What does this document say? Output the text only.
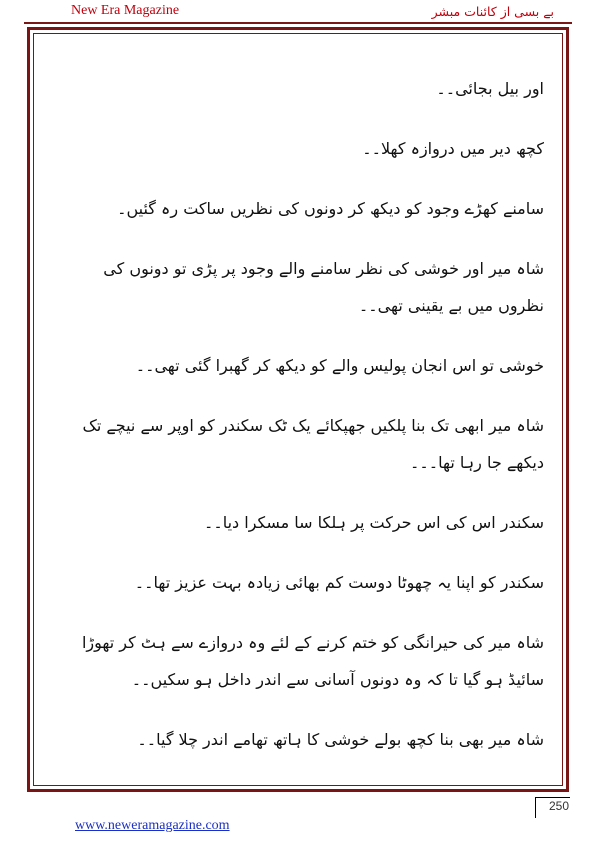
New Era Magazine	بے بسی از کائنات مبشر

اور بیل بجائی۔۔

کچھ دیر میں دروازہ کھلا۔۔

سامنے کھڑے وجود کو دیکھ کر دونوں کی نظریں ساکت رہ گئیں۔

شاہ میر اور خوشی کی نظر سامنے والے وجود پر پڑی تو دونوں کی نظروں میں بے یقینی تھی۔۔

خوشی تو اس انجان پولیس والے کو دیکھ کر گھبرا گئی تھی۔۔

شاہ میر ابھی تک بنا پلکیں جھپکائے یک ٹک سکندر کو اوپر سے نیچے تک دیکھے جا رہا تھا۔۔۔

سکندر اس کی اس حرکت پر ہلکا سا مسکرا دیا۔۔

سکندر کو اپنا یہ چھوٹا دوست کم بھائی زیادہ بہت عزیز تھا۔۔

شاہ میر کی حیرانگی کو ختم کرنے کے لئے وہ دروازے سے ہٹ کر تھوڑا سائیڈ ہو گیا تا کہ وہ دونوں آسانی سے اندر داخل ہو سکیں۔۔

شاہ میر بھی بنا کچھ بولے خوشی کا ہاتھ تھامے اندر چلا گیا۔۔

250
www.neweramagazine.com
